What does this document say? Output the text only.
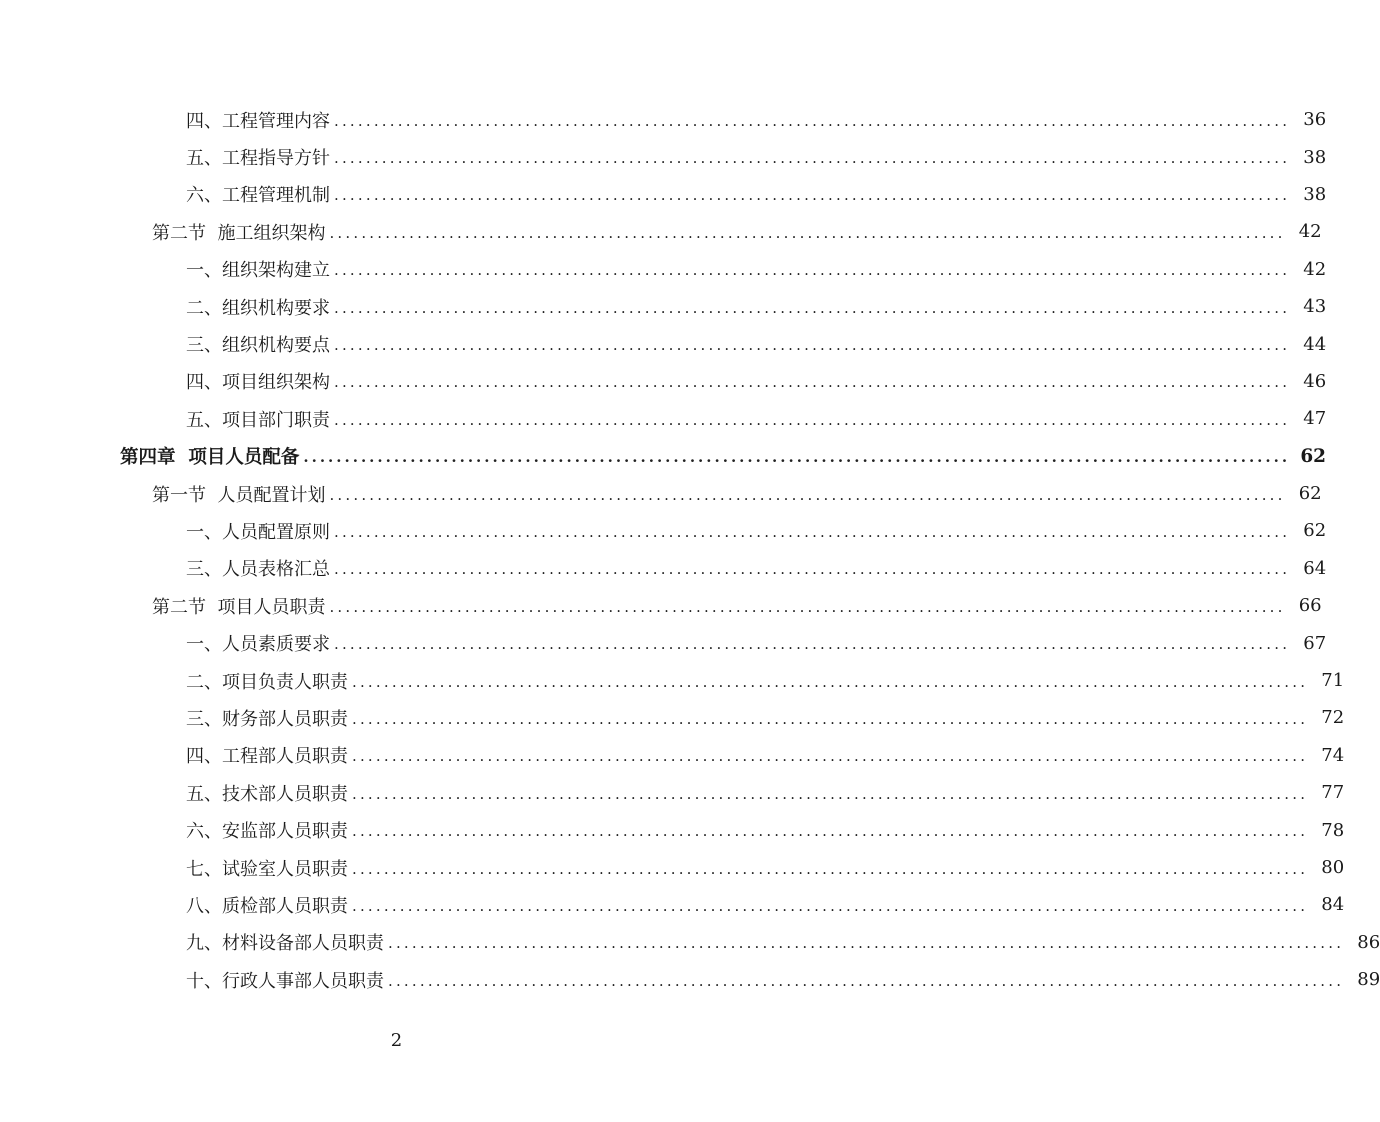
四、工程管理内容 ........................................................................................................................ 36
五、工程指导方针 ........................................................................................................................ 38
六、工程管理机制 ........................................................................................................................ 38
第二节  施工组织架构 ........................................................................................................................ 42
一、组织架构建立 ........................................................................................................................ 42
二、组织机构要求 ........................................................................................................................ 43
三、组织机构要点 ........................................................................................................................ 44
四、项目组织架构 ........................................................................................................................ 46
五、项目部门职责 ........................................................................................................................ 47
第四章  项目人员配备 ........................................................................................................................ 62
第一节  人员配置计划 ........................................................................................................................ 62
一、人员配置原则 ........................................................................................................................ 62
三、人员表格汇总 ........................................................................................................................ 64
第二节  项目人员职责 ........................................................................................................................ 66
一、人员素质要求 ........................................................................................................................ 67
二、项目负责人职责 ........................................................................................................................ 71
三、财务部人员职责 ........................................................................................................................ 72
四、工程部人员职责 ........................................................................................................................ 74
五、技术部人员职责 ........................................................................................................................ 77
六、安监部人员职责 ........................................................................................................................ 78
七、试验室人员职责 ........................................................................................................................ 80
八、质检部人员职责 ........................................................................................................................ 84
九、材料设备部人员职责 ........................................................................................................................ 86
十、行政人事部人员职责 ........................................................................................................................ 89
2
